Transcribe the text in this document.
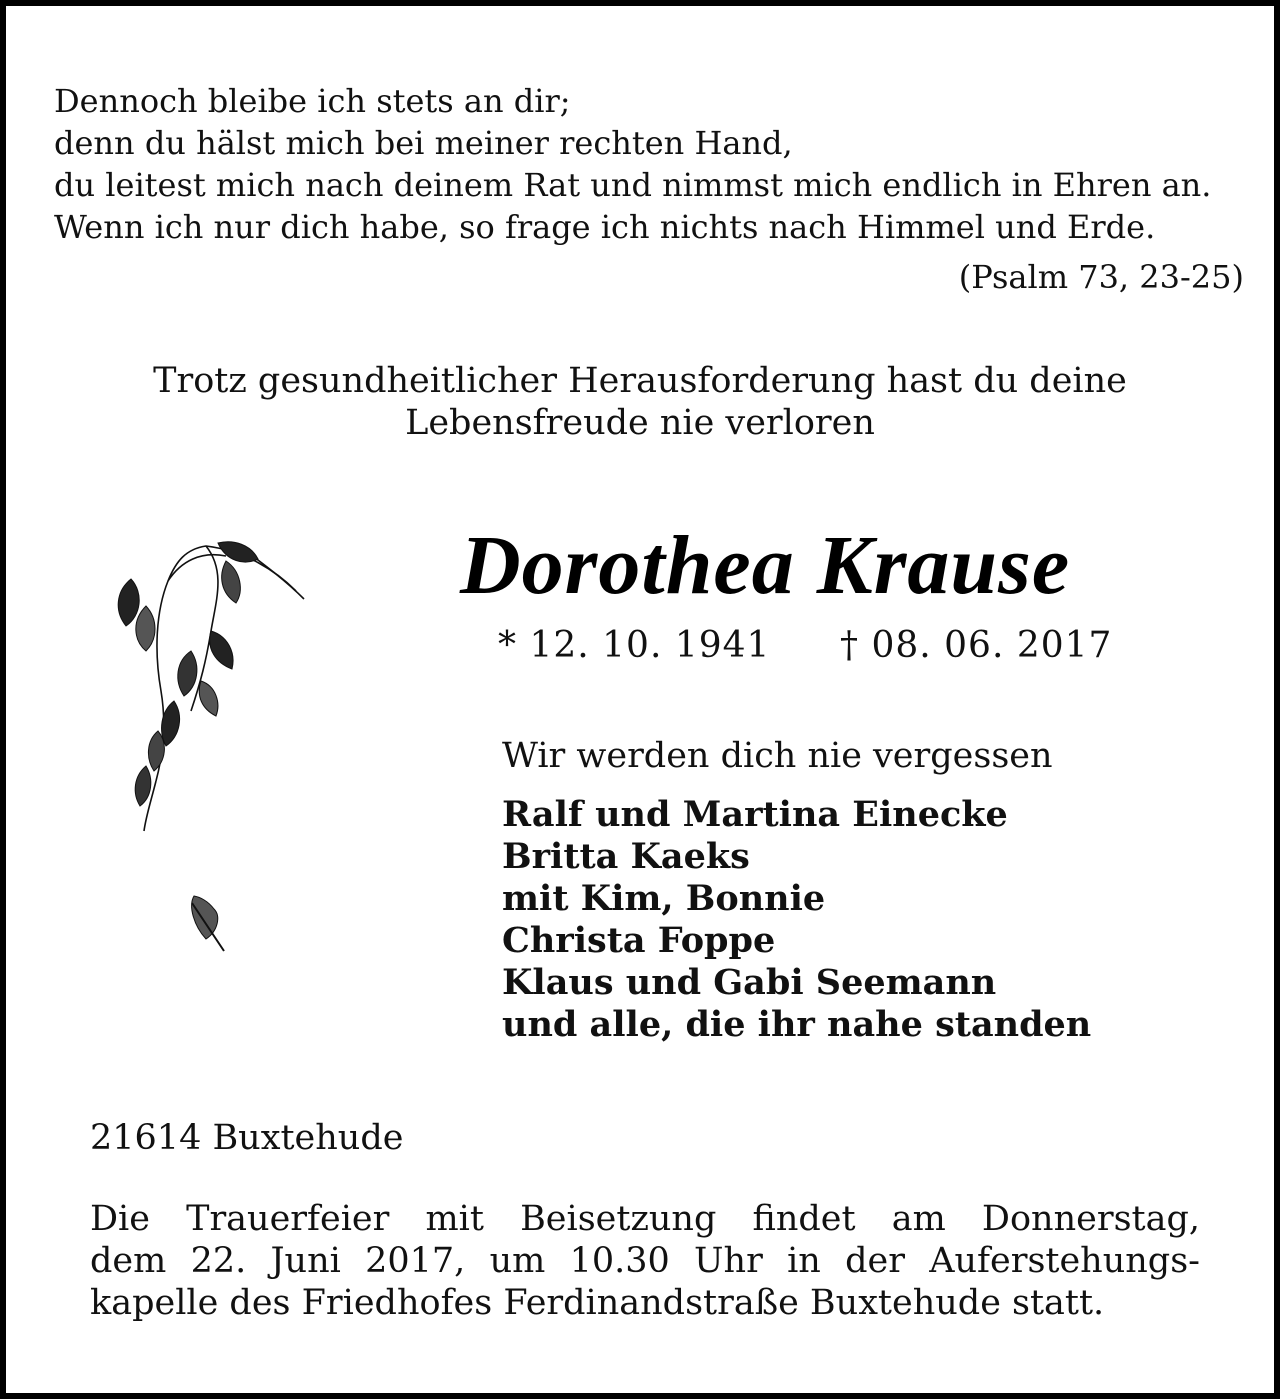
Dennoch bleibe ich stets an dir;
denn du hälst mich bei meiner rechten Hand,
du leitest mich nach deinem Rat und nimmst mich endlich in Ehren an.
Wenn ich nur dich habe, so frage ich nichts nach Himmel und Erde.
(Psalm 73, 23-25)
Trotz gesundheitlicher Herausforderung hast du deine
Lebensfreude nie verloren
Dorothea Krause
* 12. 10. 1941 † 08. 06. 2017
Wir werden dich nie vergessen
Ralf und Martina Einecke
Britta Kaeks
mit Kim, Bonnie
Christa Foppe
Klaus und Gabi Seemann
und alle, die ihr nahe standen
21614 Buxtehude
Die Trauerfeier mit Beisetzung findet am Donnerstag,
dem 22. Juni 2017, um 10.30 Uhr in der Auferstehungs-
kapelle des Friedhofes Ferdinandstraße Buxtehude statt.
